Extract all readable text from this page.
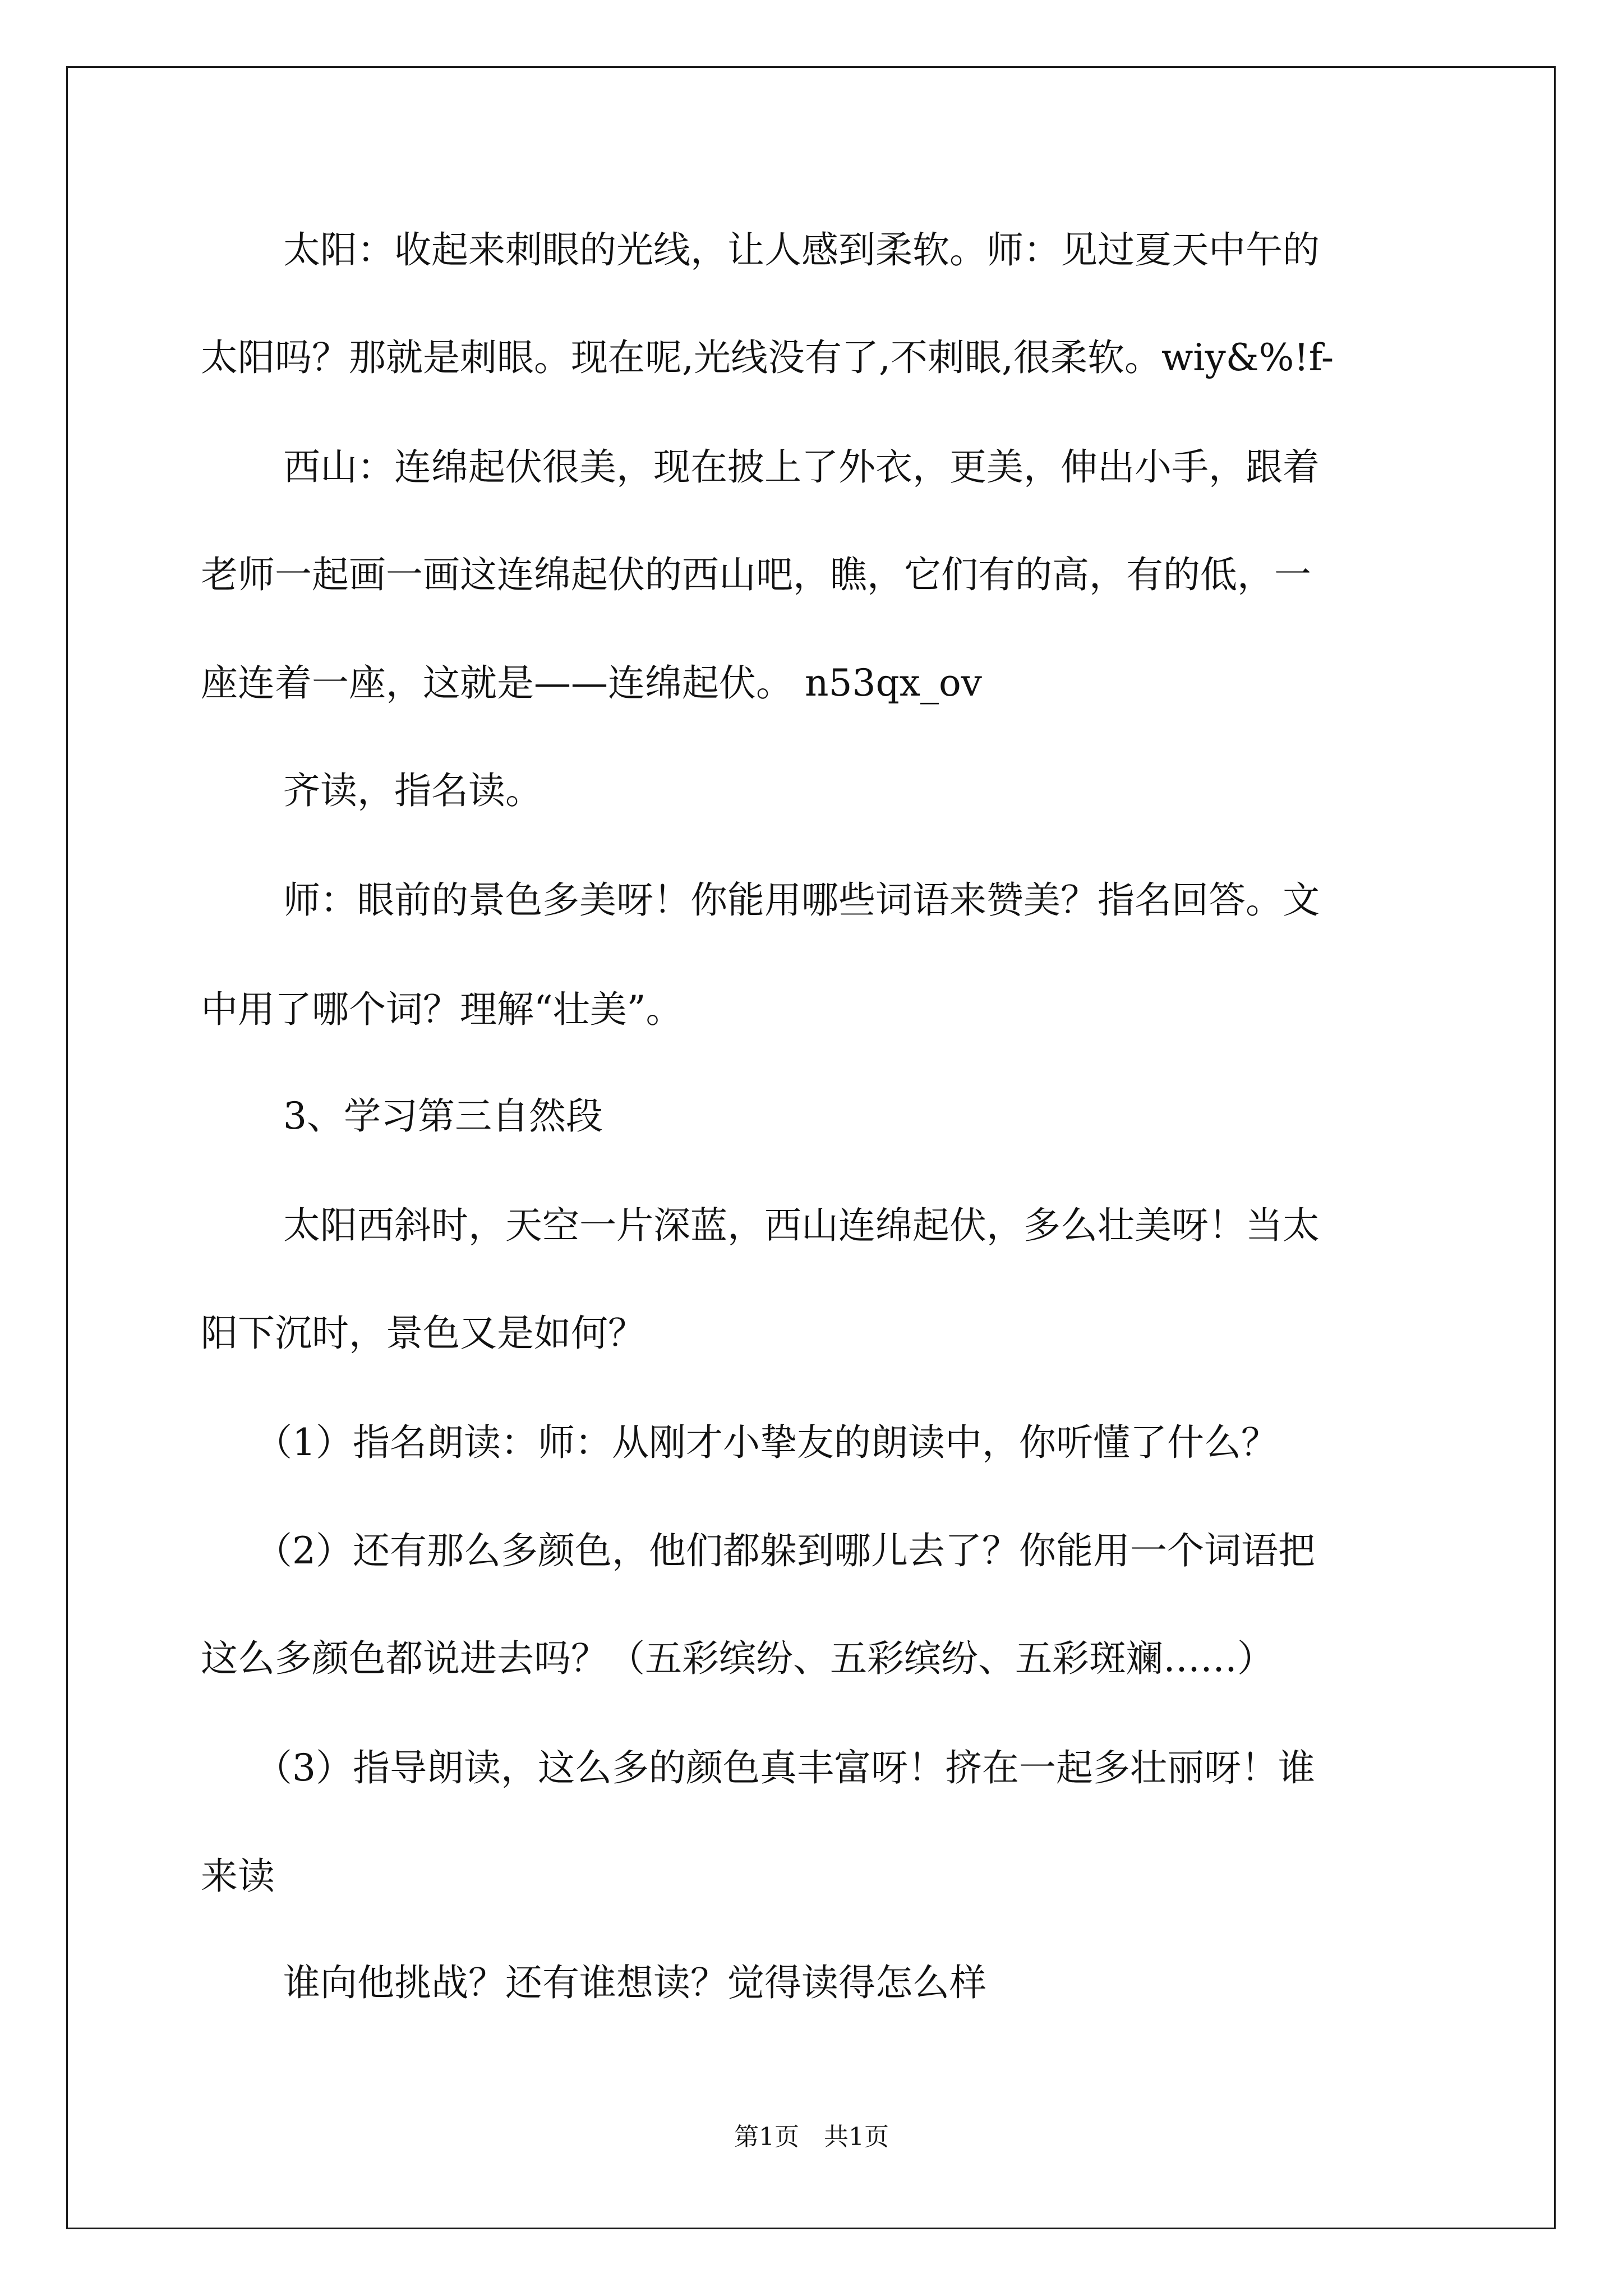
太阳：收起来刺眼的光线，让人感到柔软。师：见过夏天中午的

太阳吗？那就是刺眼。现在呢,光线没有了,不刺眼,很柔软。wiy&%!f-

西山：连绵起伏很美，现在披上了外衣，更美，伸出小手，跟着

老师一起画一画这连绵起伏的西山吧，瞧，它们有的高，有的低，一

座连着一座，这就是——连绵起伏。 n53qx_ov

齐读，指名读。

师：眼前的景色多美呀！你能用哪些词语来赞美？指名回答。文

中用了哪个词？理解“壮美”。

3、学习第三自然段

太阳西斜时，天空一片深蓝，西山连绵起伏，多么壮美呀！当太

阳下沉时，景色又是如何？

（1）指名朗读：师：从刚才小挚友的朗读中，你听懂了什么？

（2）还有那么多颜色，他们都躲到哪儿去了？你能用一个词语把

这么多颜色都说进去吗？（五彩缤纷、五彩缤纷、五彩斑斓……）

（3）指导朗读，这么多的颜色真丰富呀！挤在一起多壮丽呀！谁

来读

谁向他挑战？还有谁想读？觉得读得怎么样

第1页　共1页
